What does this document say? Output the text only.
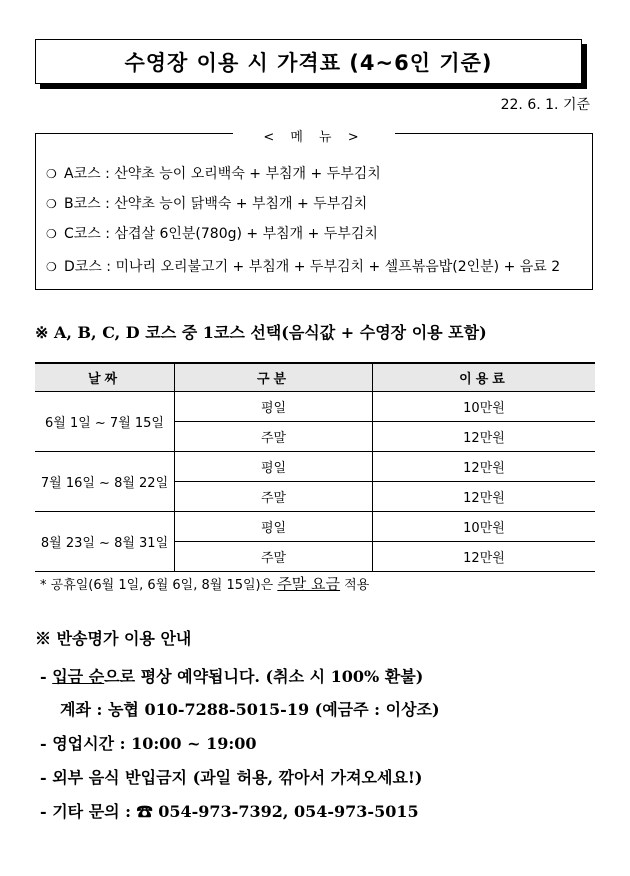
수영장 이용 시 가격표 (4~6인 기준)
22. 6. 1. 기준
< 메 뉴 >
❍ A코스 : 산약초 능이 오리백숙 + 부침개 + 두부김치
❍ B코스 : 산약초 능이 닭백숙 + 부침개 + 두부김치
❍ C코스 : 삼겹살 6인분(780g) + 부침개 + 두부김치
❍ D코스 : 미나리 오리불고기 + 부침개 + 두부김치 + 셀프볶음밥(2인분) + 음료 2
※ A, B, C, D 코스 중 1코스 선택(음식값 + 수영장 이용 포함)
날짜	구분	이용료
6월 1일 ~ 7월 15일	평일	10만원
	주말	12만원
7월 16일 ~ 8월 22일	평일	12만원
	주말	12만원
8월 23일 ~ 8월 31일	평일	10만원
	주말	12만원
* 공휴일(6월 1일, 6월 6일, 8월 15일)은 주말 요금 적용
※ 반송명가 이용 안내
- 입금 순으로 평상 예약됩니다. (취소 시 100% 환불)
계좌 : 농협 010-7288-5015-19 (예금주 : 이상조)
- 영업시간 : 10:00 ~ 19:00
- 외부 음식 반입금지 (과일 허용, 깎아서 가져오세요!)
- 기타 문의 : ☎ 054-973-7392, 054-973-5015
